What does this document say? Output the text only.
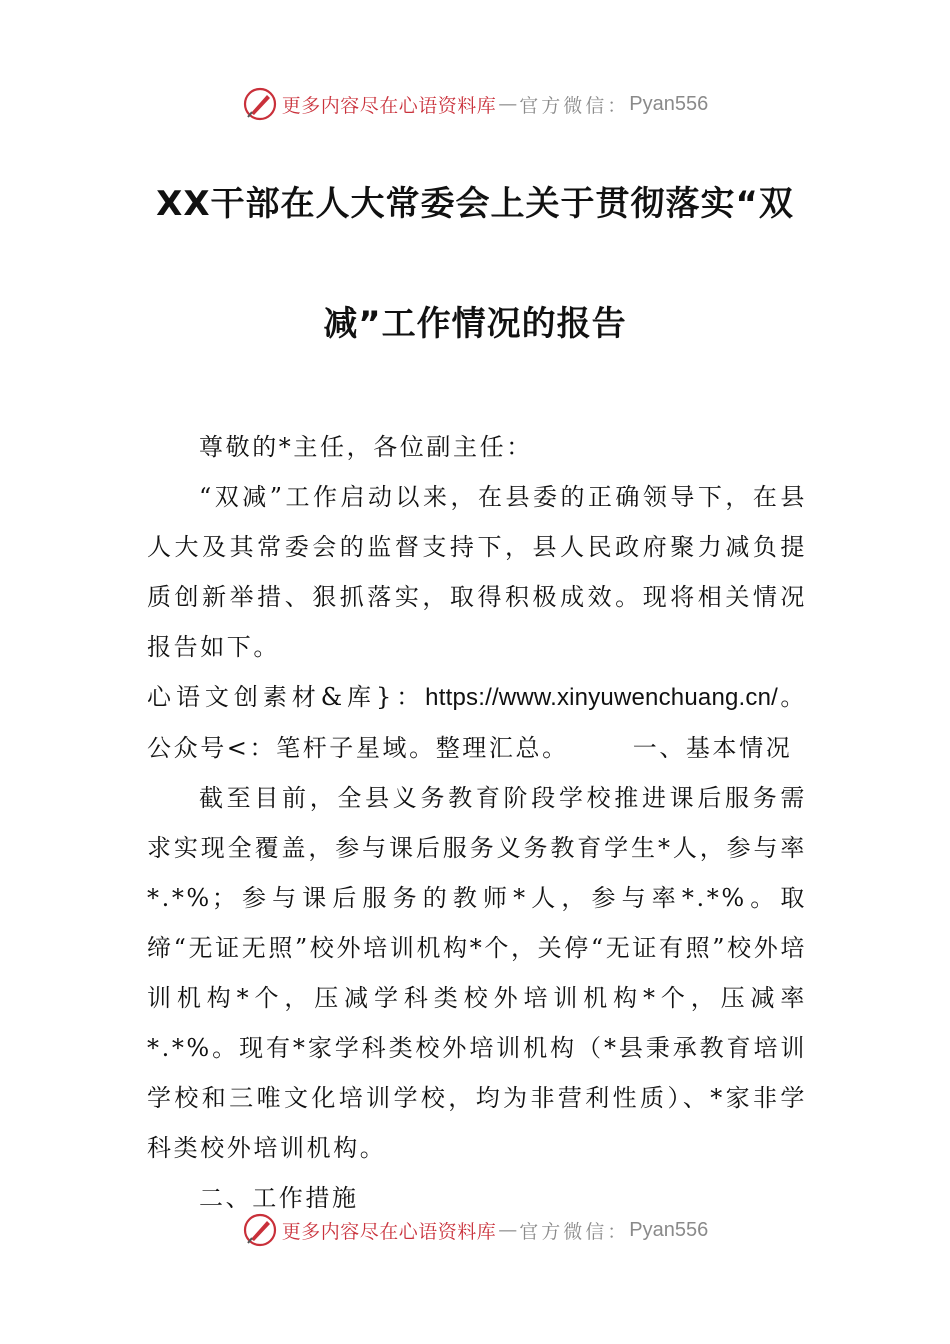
更多内容尽在心语资料库 — 官方微信： Pyan556
XX干部在人大常委会上关于贯彻落实“双
减”工作情况的报告

尊敬的*主任，各位副主任：

“双减”工作启动以来，在县委的正确领导下，在县人大及其常委会的监督支持下，县人民政府聚力减负提质创新举措、狠抓落实，取得积极成效。现将相关情况报告如下。

心语文创素材&库}：https://www.xinyuwenchuang.cn/。公众号<：笔杆子星域。整理汇总。	一、基本情况

截至目前，全县义务教育阶段学校推进课后服务需求实现全覆盖，参与课后服务义务教育学生*人，参与率*.*%；参与课后服务的教师*人，参与率*.*%。取缔“无证无照”校外培训机构*个，关停“无证有照”校外培训机构*个，压减学科类校外培训机构*个，压减率*.*%。现有*家学科类校外培训机构（*县秉承教育培训学校和三唯文化培训学校，均为非营利性质）、*家非学科类校外培训机构。

二、工作措施

更多内容尽在心语资料库 — 官方微信： Pyan556
